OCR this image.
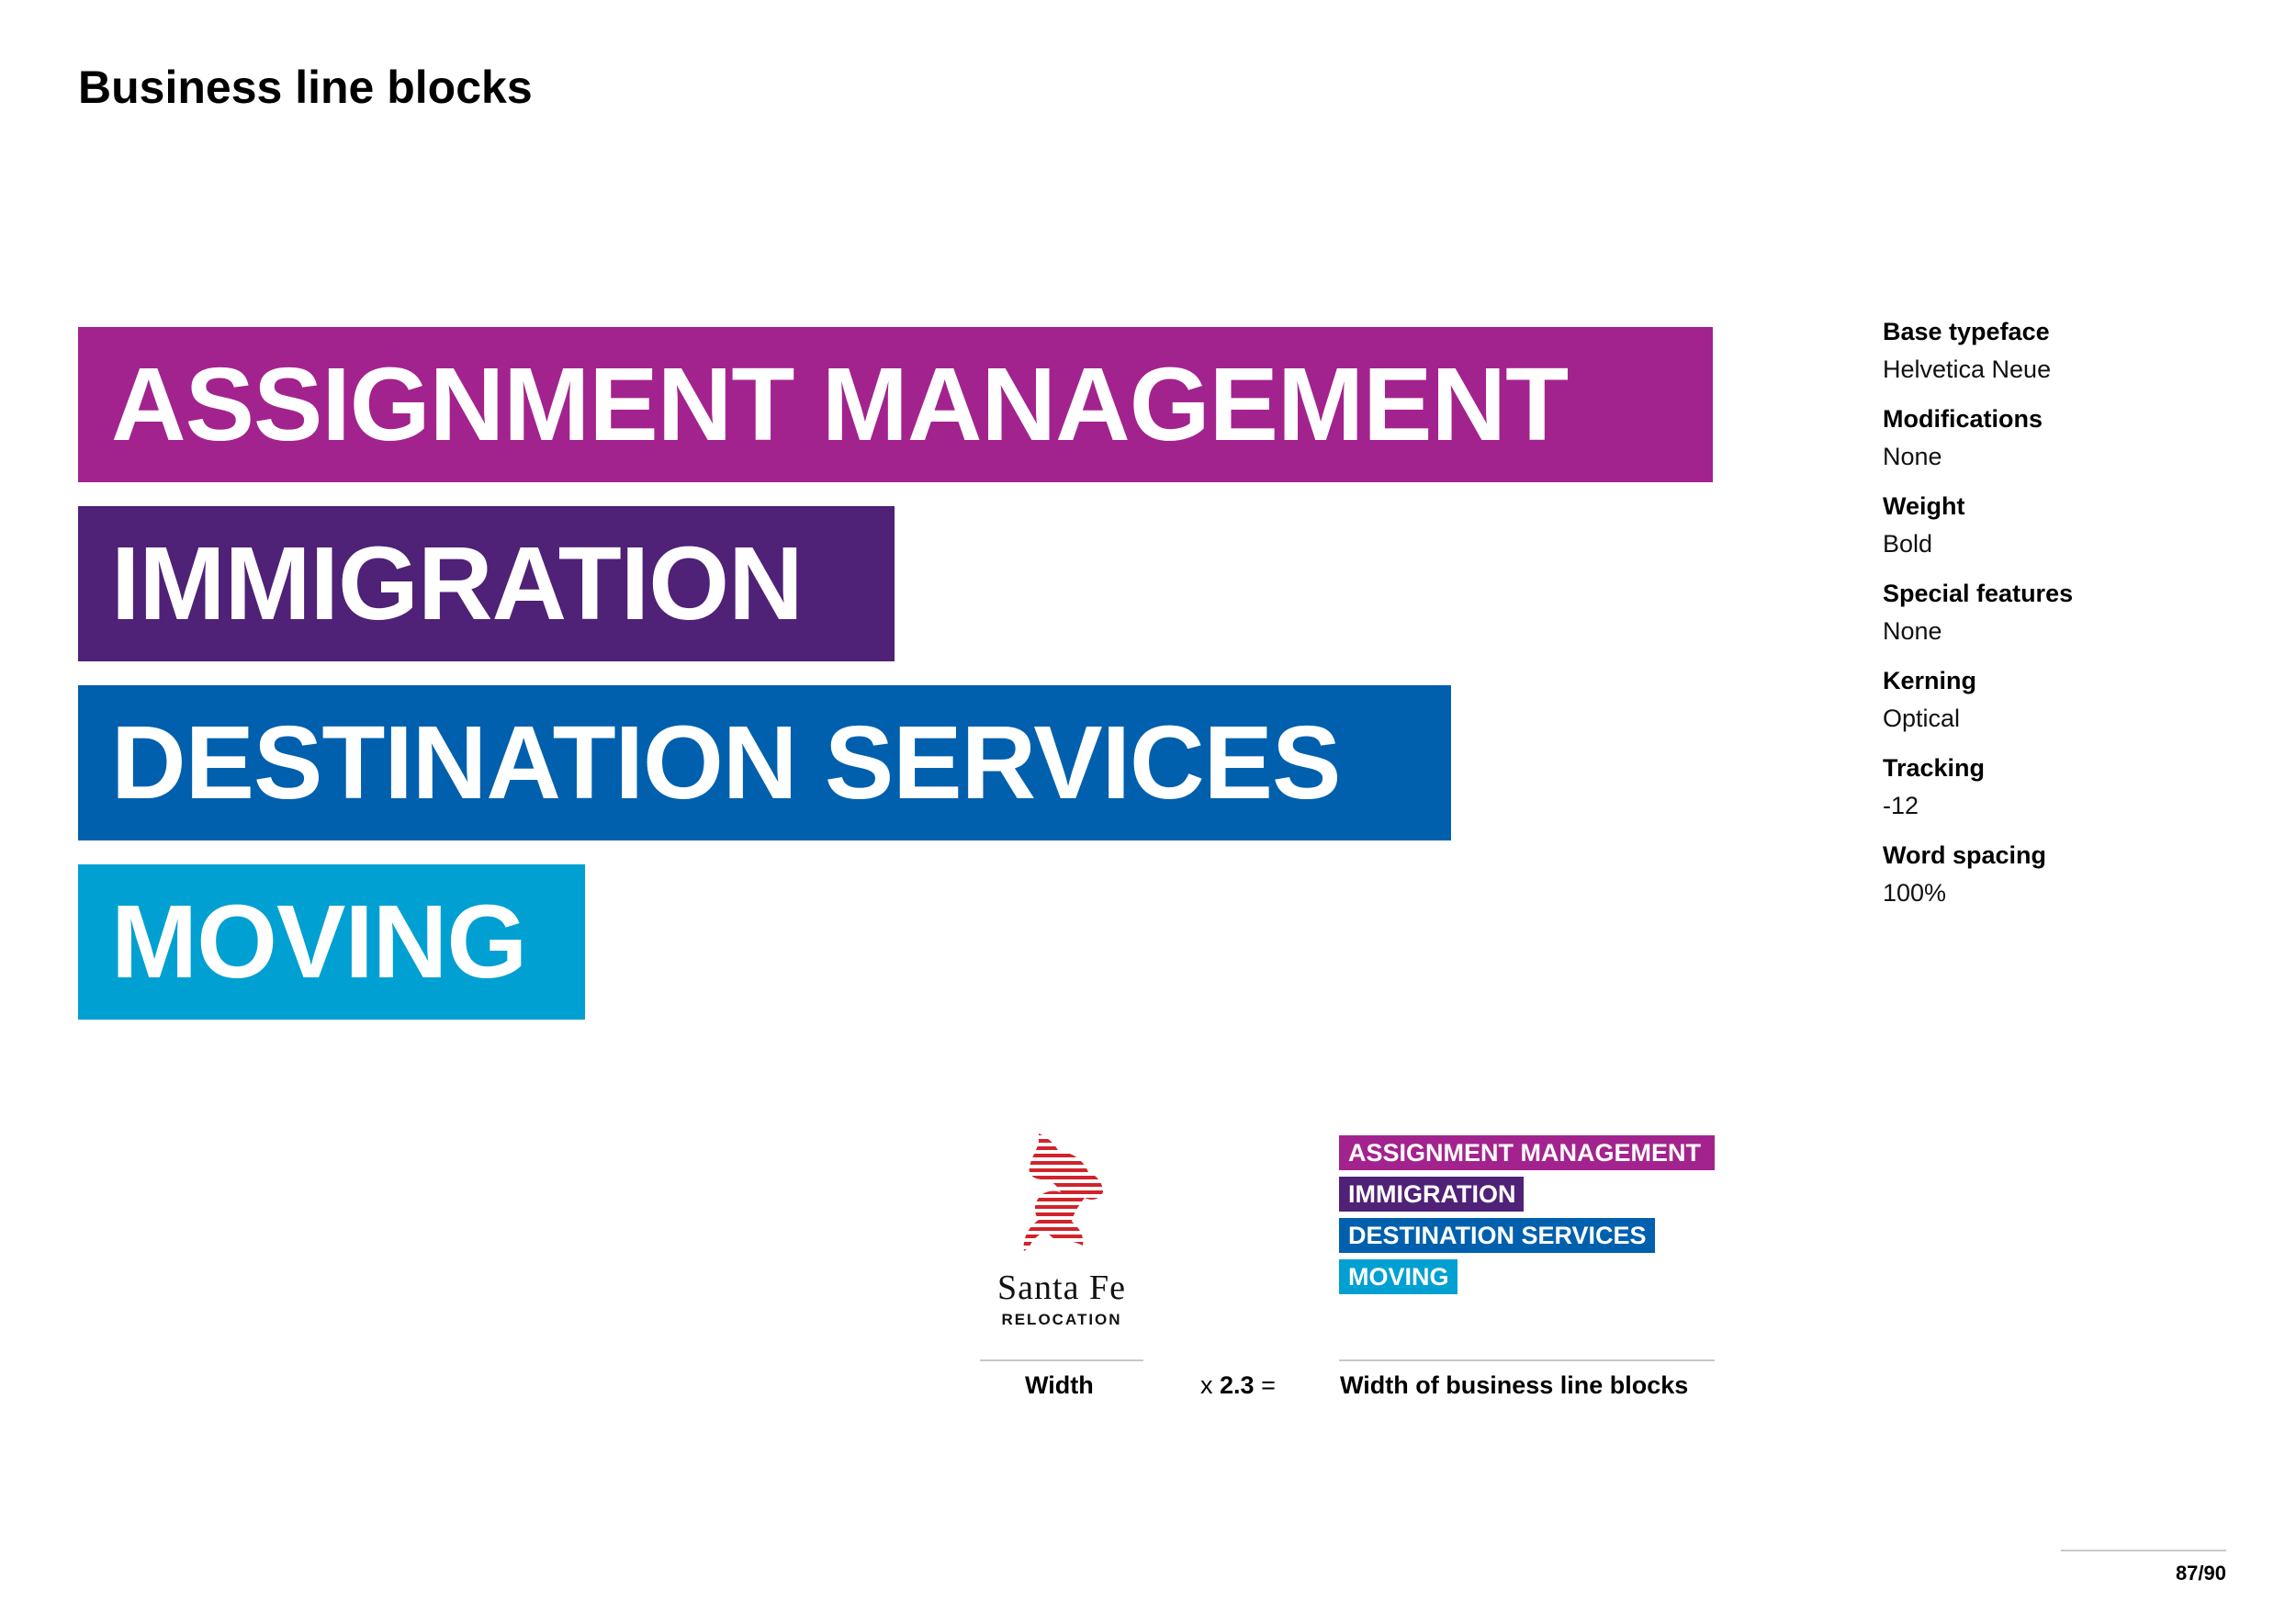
Business line blocks
ASSIGNMENT MANAGEMENT
IMMIGRATION
DESTINATION SERVICES
MOVING
Base typeface
Helvetica Neue
Modifications
None
Weight
Bold
Special features
None
Kerning
Optical
Tracking
-12
Word spacing
100%
Santa Fe
RELOCATION
ASSIGNMENT MANAGEMENT
IMMIGRATION
DESTINATION SERVICES
MOVING
Width	x 2.3 =	Width of business line blocks
87/90
